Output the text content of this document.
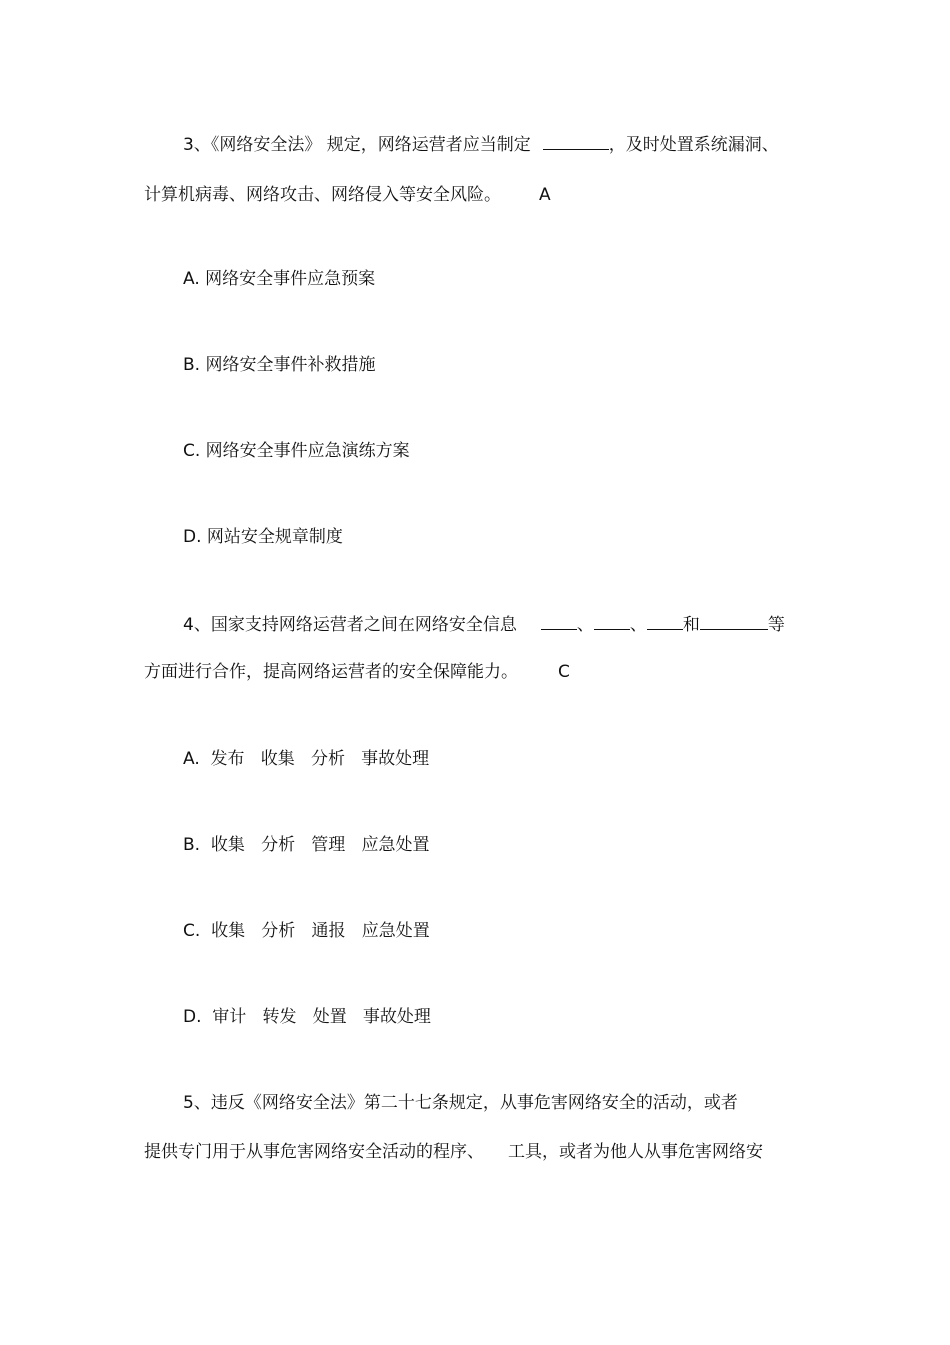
3、《网络安全法》 规定，网络运营者应当制定	，及时处置系统漏洞、
计算机病毒、网络攻击、网络侵入等安全风险。 A
A. 网络安全事件应急预案
B. 网络安全事件补救措施
C. 网络安全事件应急演练方案
D. 网站安全规章制度
4、国家支持网络运营者之间在网络安全信息	、 、 和	等
方面进行合作，提高网络运营者的安全保障能力。 C
A.  发布   收集   分析   事故处理
B.  收集   分析   管理   应急处置
C.  收集   分析   通报   应急处置
D.  审计   转发   处置   事故处理
5、违反《网络安全法》第二十七条规定，从事危害网络安全的活动，或者
提供专门用于从事危害网络安全活动的程序、 工具，或者为他人从事危害网络安
